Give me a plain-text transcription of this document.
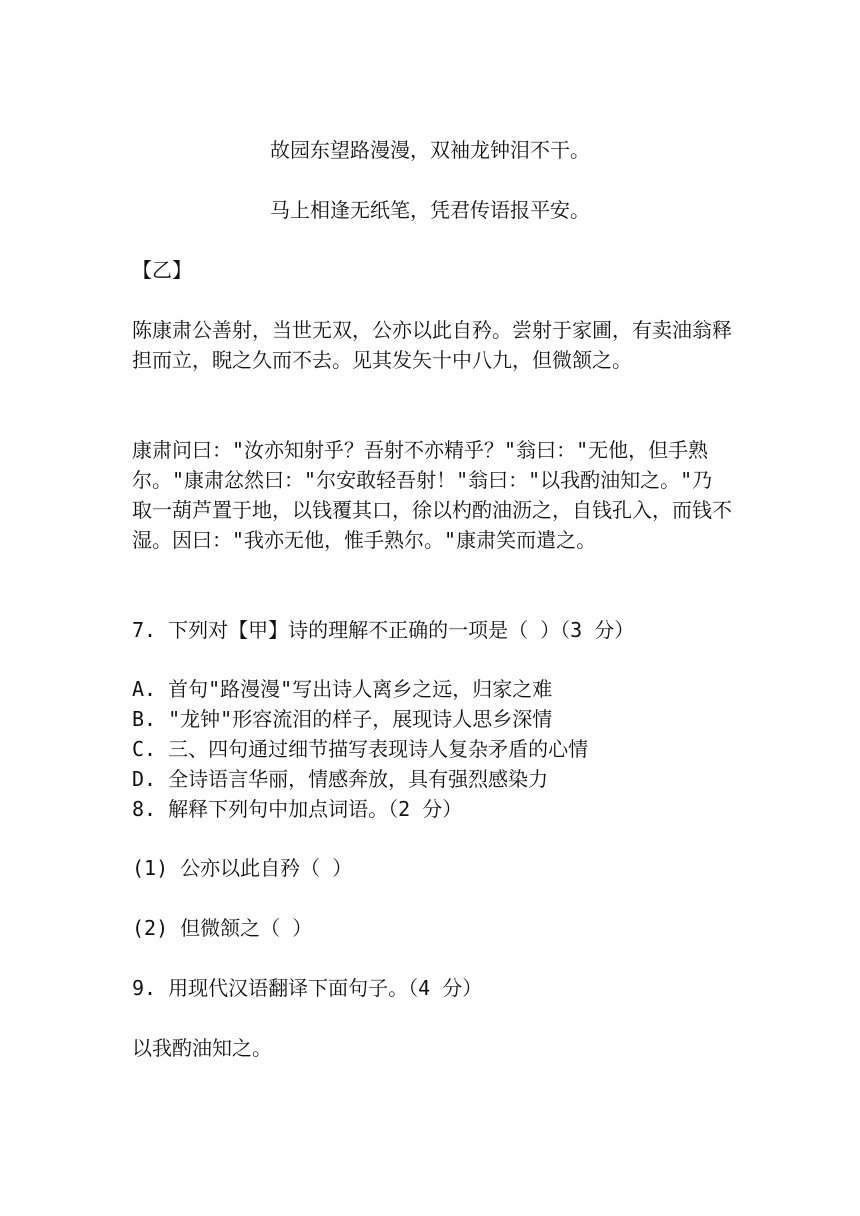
故园东望路漫漫，双袖龙钟泪不干。
马上相逢无纸笔，凭君传语报平安。
【乙】
陈康肃公善射，当世无双，公亦以此自矜。尝射于家圃，有卖油翁释担而立，睨之久而不去。见其发矢十中八九，但微颔之。
康肃问曰："汝亦知射乎？吾射不亦精乎？"翁曰："无他，但手熟尔。"康肃忿然曰："尔安敢轻吾射！"翁曰："以我酌油知之。"乃取一葫芦置于地，以钱覆其口，徐以杓酌油沥之，自钱孔入，而钱不湿。因曰："我亦无他，惟手熟尔。"康肃笑而遣之。
7. 下列对【甲】诗的理解不正确的一项是（ ）（3 分）
A. 首句"路漫漫"写出诗人离乡之远，归家之难
B. "龙钟"形容流泪的样子，展现诗人思乡深情
C. 三、四句通过细节描写表现诗人复杂矛盾的心情
D. 全诗语言华丽，情感奔放，具有强烈感染力
8. 解释下列句中加点词语。（2 分）
(1) 公亦以此自矜（ ）
(2) 但微颔之（ ）
9. 用现代汉语翻译下面句子。（4 分）
以我酌油知之。
